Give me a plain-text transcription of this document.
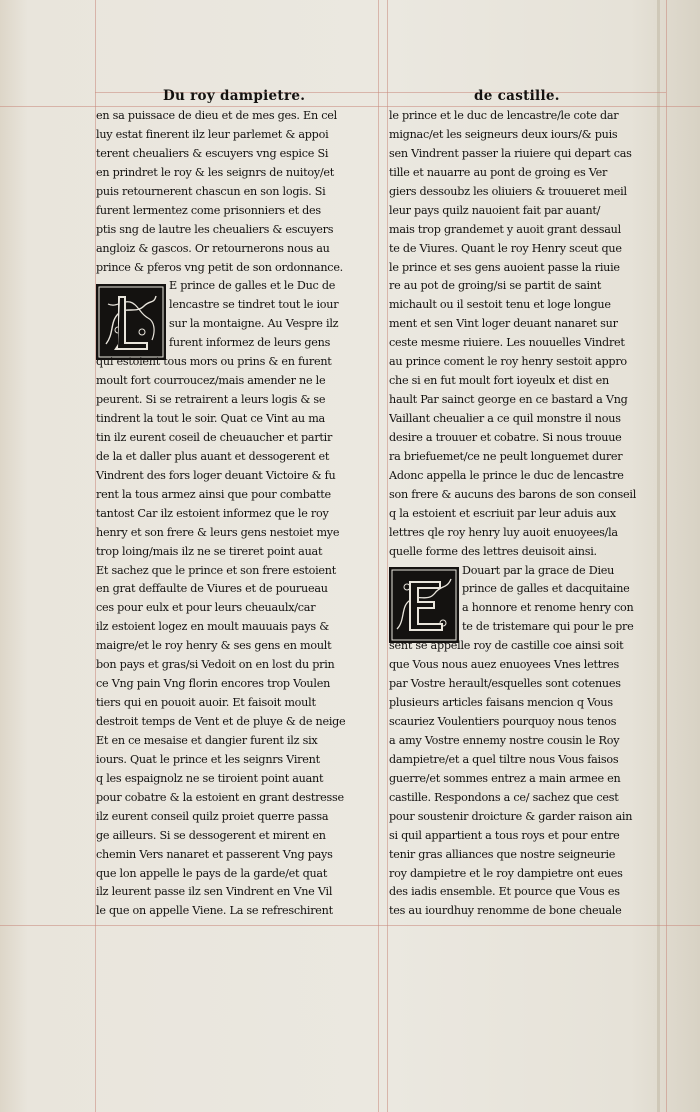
Du roy dampietre.	de castille.
en sa puissace de dieu et de mes ges. En cel
luy estat finerent ilz leur parlemet & appoi
terent cheualiers & escuyers vng espice Si
en prindret le roy & les seignrs de nuitoy/et
puis retournerent chascun en son logis. Si
furent lermentez come prisonniers et des
ptis sng de lautre les cheualiers & escuyers
angloiz & gascos. Or retournerons nous au
prince & pferos vng petit de son ordonnance.
E prince de galles et le Duc de
lencastre se tindret tout le iour
sur la montaigne. Au Vespre ilz
furent informez de leurs gens
qui estoient tous mors ou prins & en furent
moult fort courroucez/mais amender ne le
peurent. Si se retrairent a leurs logis & se
tindrent la tout le soir. Quat ce Vint au ma
tin ilz eurent coseil de cheuaucher et partir
de la et daller plus auant et dessogerent et
Vindrent des fors loger deuant Victoire & fu
rent la tous armez ainsi que pour combatte
tantost Car ilz estoient informez que le roy
henry et son frere & leurs gens nestoiet mye
trop loing/mais ilz ne se tireret point auat
Et sachez que le prince et son frere estoient
en grat deffaulte de Viures et de pourueau
ces pour eulx et pour leurs cheuaulx/car
ilz estoient logez en moult mauuais pays &
maigre/et le roy henry & ses gens en moult
bon pays et gras/si Vedoit on en lost du prin
ce Vng pain Vng florin encores trop Voulen
tiers qui en pouoit auoir. Et faisoit moult
destroit temps de Vent et de pluye & de neige
Et en ce mesaise et dangier furent ilz six
iours. Quat le prince et les seignrs Virent
q les espaignolz ne se tiroient point auant
pour cobatre & la estoient en grant destresse
ilz eurent conseil quilz proiet querre passa
ge ailleurs. Si se dessogerent et mirent en
chemin Vers nanaret et passerent Vng pays
que lon appelle le pays de la garde/et quat
ilz leurent passe ilz sen Vindrent en Vne Vil
le que on appelle Viene. La se refreschirent
le prince et le duc de lencastre/le cote dar
mignac/et les seigneurs deux iours/& puis
sen Vindrent passer la riuiere qui depart cas
tille et nauarre au pont de groing es Ver
giers dessoubz les oliuiers & trouueret meil
leur pays quilz nauoient fait par auant/
mais trop grandemet y auoit grant dessaul
te de Viures. Quant le roy Henry sceut que
le prince et ses gens auoient passe la riuie
re au pot de groing/si se partit de saint
michault ou il sestoit tenu et loge longue
ment et sen Vint loger deuant nanaret sur
ceste mesme riuiere. Les nouuelles Vindret
au prince coment le roy henry sestoit appro
che si en fut moult fort ioyeulx et dist en
hault Par sainct george en ce bastard a Vng
Vaillant cheualier a ce quil monstre il nous
desire a trouuer et cobatre. Si nous trouue
ra briefuemet/ce ne peult longuemet durer
Adonc appella le prince le duc de lencastre
son frere & aucuns des barons de son conseil
q la estoient et escriuit par leur aduis aux
lettres qle roy henry luy auoit enuoyees/la
quelle forme des lettres deuisoit ainsi.
Douart par la grace de Dieu
prince de galles et dacquitaine
a honnore et renome henry con
te de tristemare qui pour le pre
sent se appelle roy de castille coe ainsi soit
que Vous nous auez enuoyees Vnes lettres
par Vostre herault/esquelles sont cotenues
plusieurs articles faisans mencion q Vous
scauriez Voulentiers pourquoy nous tenos
a amy Vostre ennemy nostre cousin le Roy
dampietre/et a quel tiltre nous Vous faisos
guerre/et sommes entrez a main armee en
castille. Respondons a ce/ sachez que cest
pour soustenir droicture & garder raison ain
si quil appartient a tous roys et pour entre
tenir gras alliances que nostre seigneurie
roy dampietre et le roy dampietre ont eues
des iadis ensemble. Et pource que Vous es
tes au iourdhuy renomme de bone cheuale
